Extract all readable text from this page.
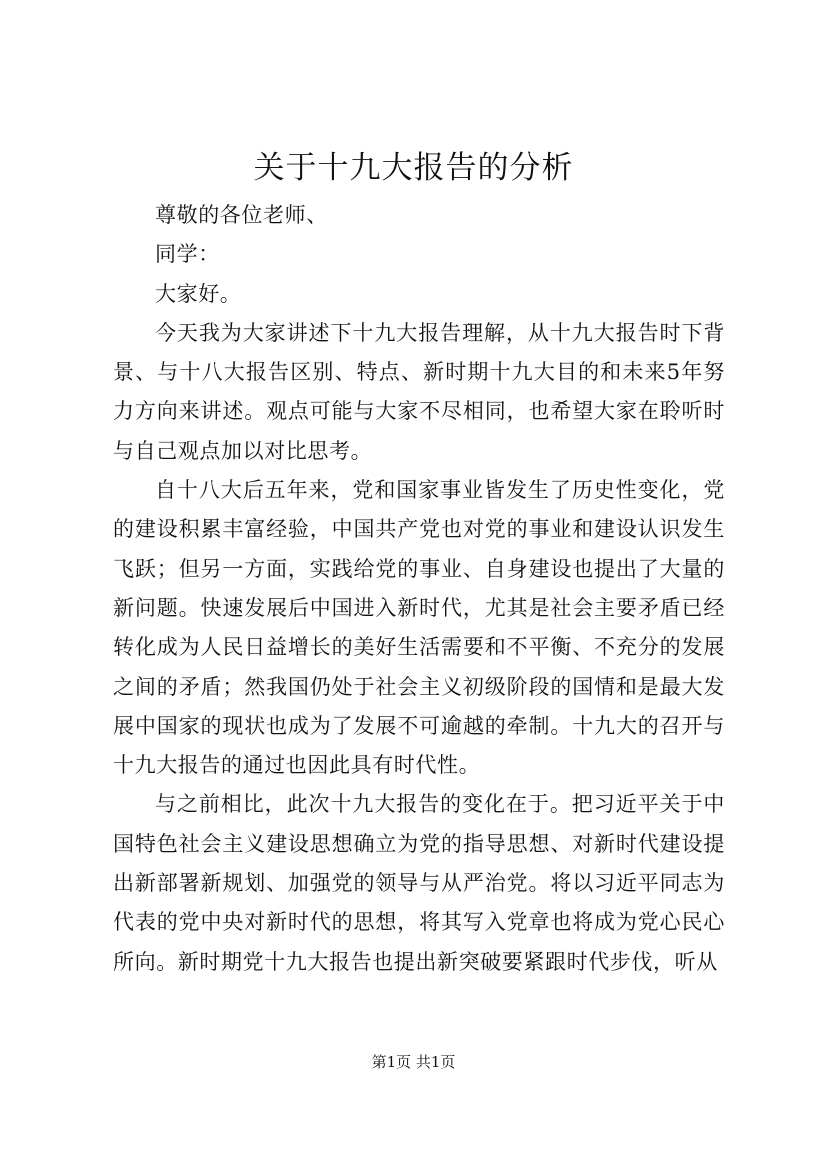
关于十九大报告的分析

尊敬的各位老师、

同学：

大家好。

今天我为大家讲述下十九大报告理解，从十九大报告时下背景、与十八大报告区别、特点、新时期十九大目的和未来5年努力方向来讲述。观点可能与大家不尽相同，也希望大家在聆听时与自己观点加以对比思考。

自十八大后五年来，党和国家事业皆发生了历史性变化，党的建设积累丰富经验，中国共产党也对党的事业和建设认识发生飞跃；但另一方面，实践给党的事业、自身建设也提出了大量的新问题。快速发展后中国进入新时代，尤其是社会主要矛盾已经转化成为人民日益增长的美好生活需要和不平衡、不充分的发展之间的矛盾；然我国仍处于社会主义初级阶段的国情和是最大发展中国家的现状也成为了发展不可逾越的牵制。十九大的召开与十九大报告的通过也因此具有时代性。

与之前相比，此次十九大报告的变化在于。把习近平关于中国特色社会主义建设思想确立为党的指导思想、对新时代建设提出新部署新规划、加强党的领导与从严治党。将以习近平同志为代表的党中央对新时代的思想，将其写入党章也将成为党心民心所向。新时期党十九大报告也提出新突破要紧跟时代步伐，听从

第1页 共1页
